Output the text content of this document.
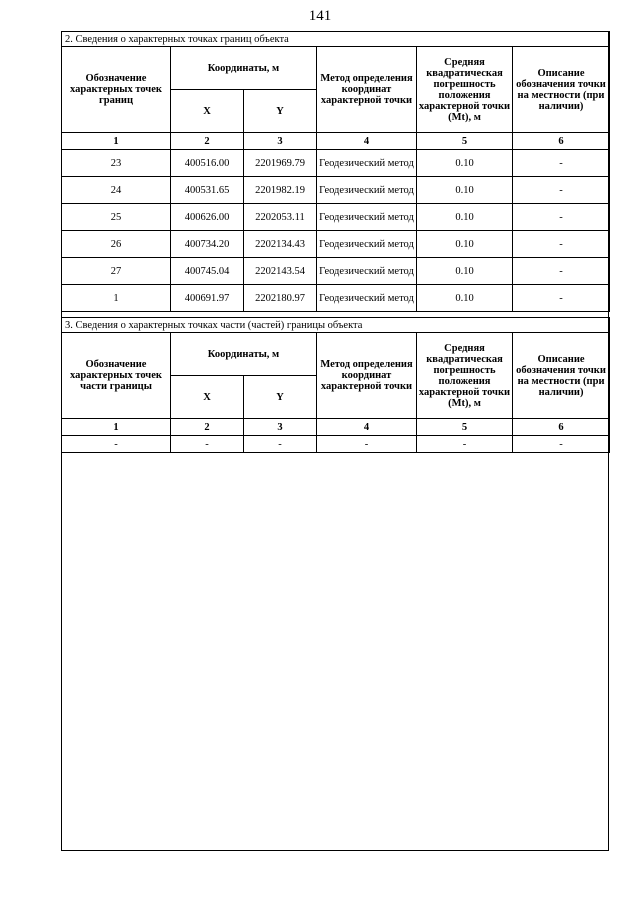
141
2. Сведения о характерных точках границ объекта					
Обозначение характерных точек границ	Координаты, м		Метод определения координат характерной точки	Средняя квадратическая погрешность положения характерной точки (Mt), м	Описание обозначения точки на местности (при наличии)
	X	Y			
1	2	3	4	5	6
23	400516.00	2201969.79	Геодезический метод	0.10	-
24	400531.65	2201982.19	Геодезический метод	0.10	-
25	400626.00	2202053.11	Геодезический метод	0.10	-
26	400734.20	2202134.43	Геодезический метод	0.10	-
27	400745.04	2202143.54	Геодезический метод	0.10	-
1	400691.97	2202180.97	Геодезический метод	0.10	-
3. Сведения о характерных точках части (частей) границы объекта					
Обозначение характерных точек части границы	Координаты, м		Метод определения координат характерной точки	Средняя квадратическая погрешность положения характерной точки (Mt), м	Описание обозначения точки на местности (при наличии)
	X	Y			
1	2	3	4	5	6
-	-	-	-	-	-
